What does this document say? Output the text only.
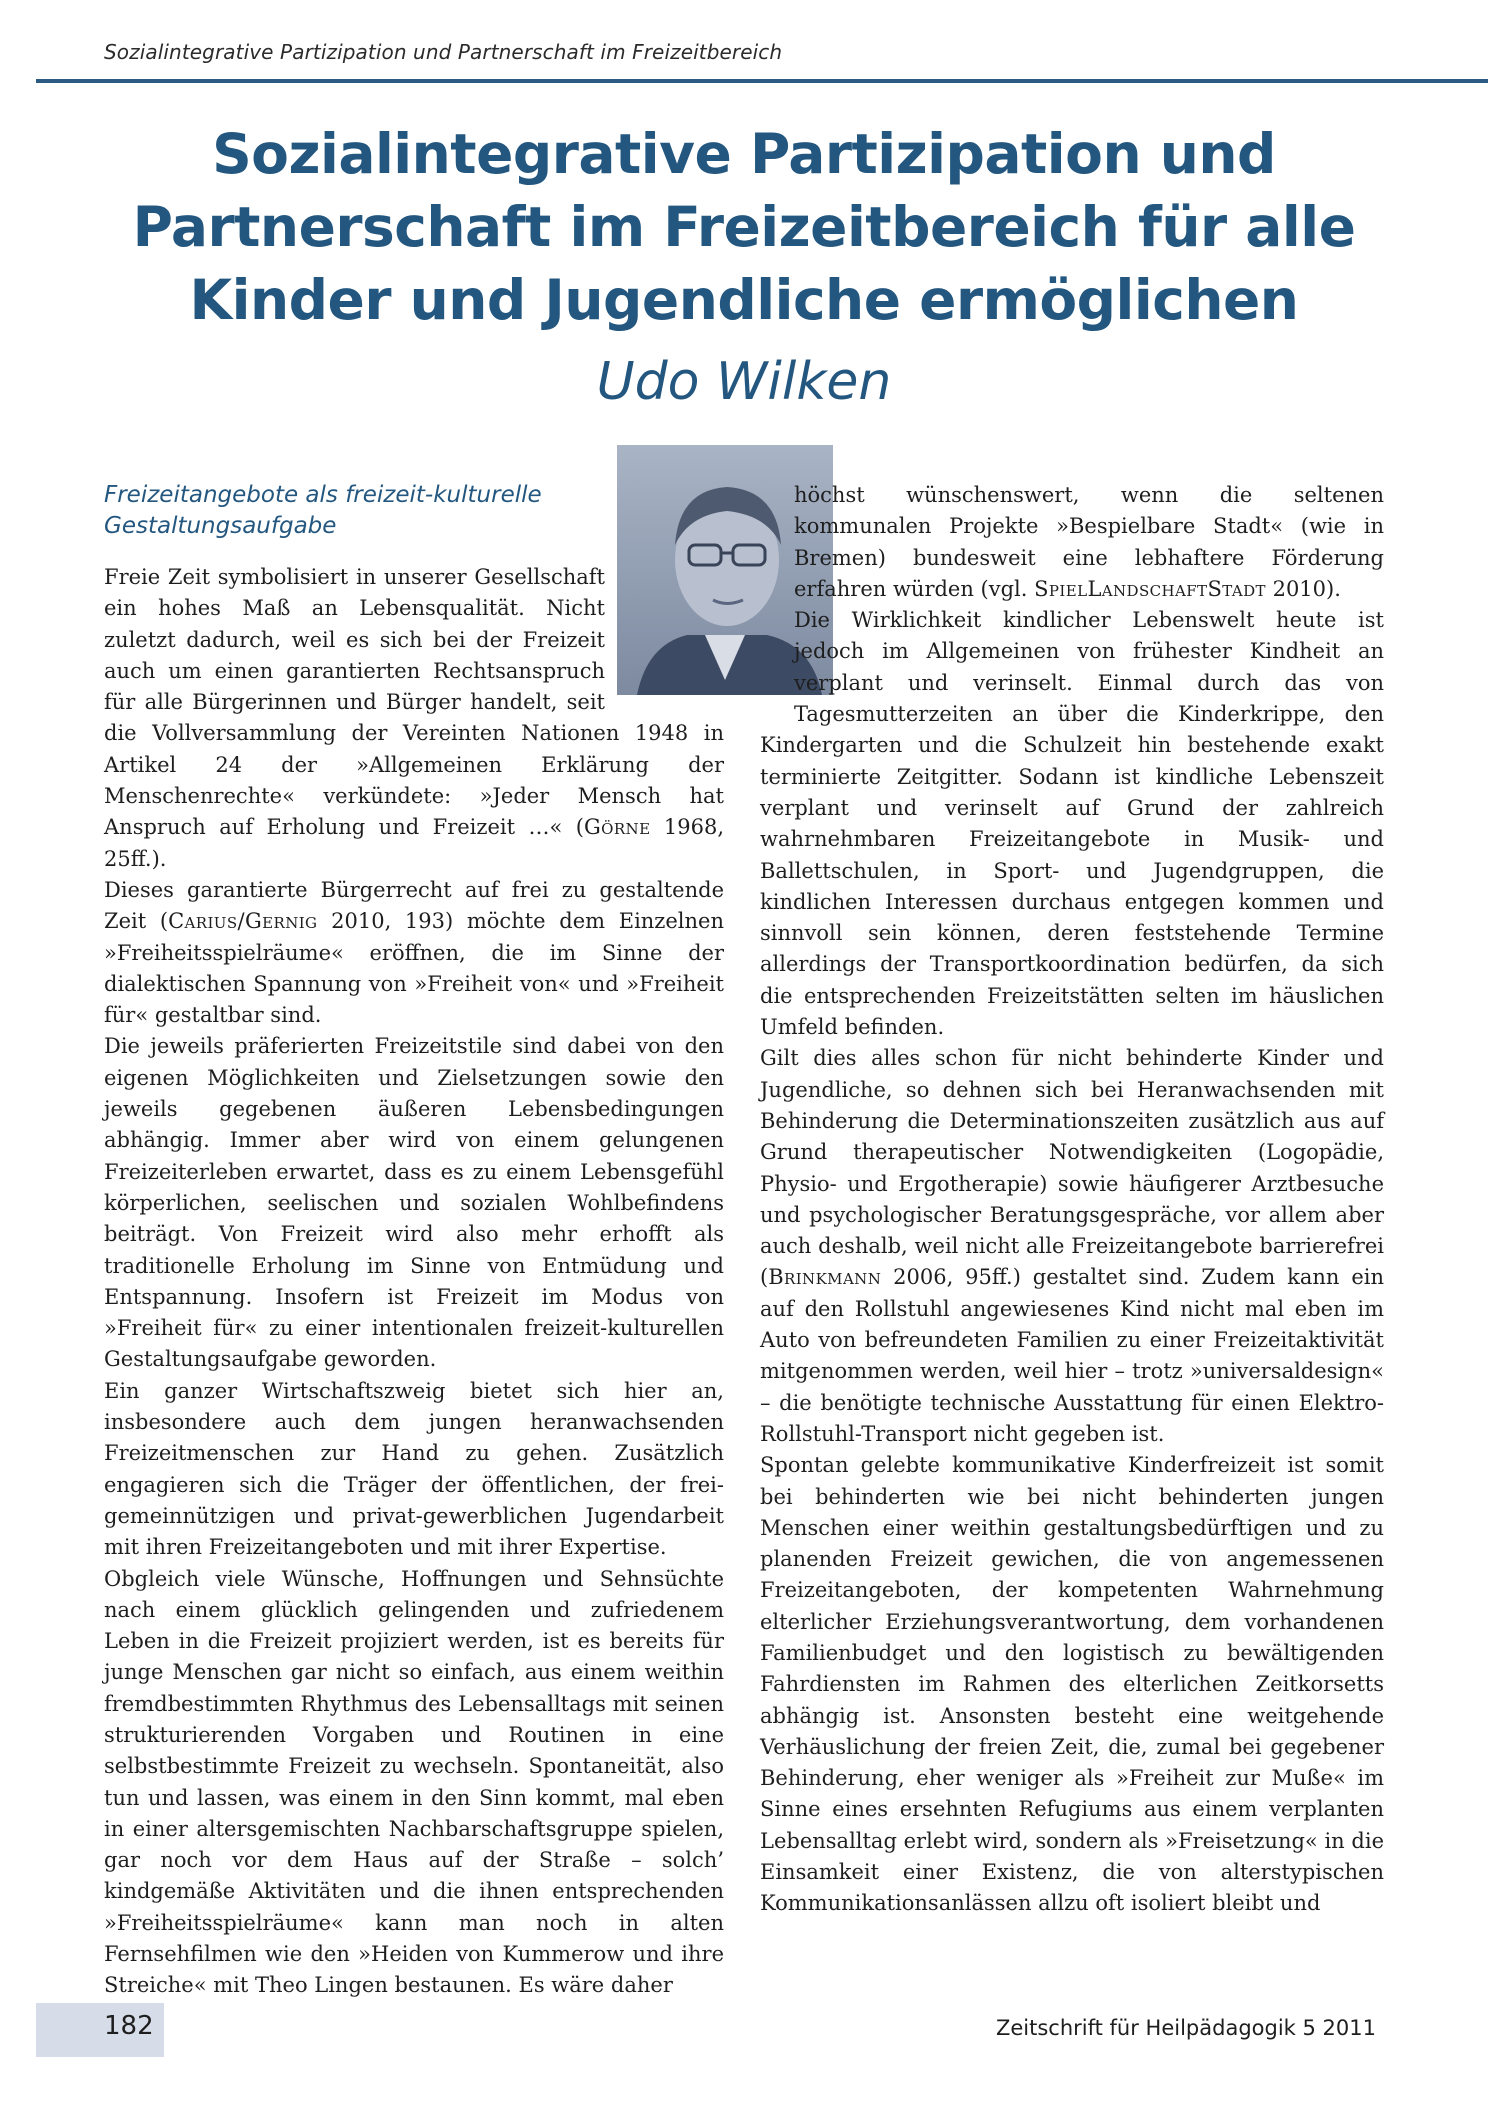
Sozialintegrative Partizipation und Partnerschaft im Freizeitbereich
Sozialintegrative Partizipation und Partnerschaft im Freizeitbereich für alle Kinder und Jugendliche ermöglichen
Udo Wilken
Freizeitangebote als freizeit-kulturelle Gestaltungsaufgabe

Freie Zeit symbolisiert in unserer Gesellschaft ein hohes Maß an Lebensqualität. Nicht zuletzt dadurch, weil es sich bei der Freizeit auch um einen garantierten Rechtsanspruch für alle Bürgerinnen und Bürger handelt, seit die Vollversammlung der Vereinten Nationen 1948 in Artikel 24 der »Allgemeinen Erklärung der Menschenrechte« verkündete: »Jeder Mensch hat Anspruch auf Erholung und Freizeit …« (Görne 1968, 25ff.).

Dieses garantierte Bürgerrecht auf frei zu gestaltende Zeit (Carius/Gernig 2010, 193) möchte dem Einzelnen »Freiheitsspielräume« eröffnen, die im Sinne der dialektischen Spannung von »Freiheit von« und »Freiheit für« gestaltbar sind.

Die jeweils präferierten Freizeitstile sind dabei von den eigenen Möglichkeiten und Zielsetzungen sowie den jeweils gegebenen äußeren Lebensbedingungen abhängig. Immer aber wird von einem gelungenen Freizeiterleben erwartet, dass es zu einem Lebensgefühl körperlichen, seelischen und sozialen Wohlbefindens beiträgt. Von Freizeit wird also mehr erhofft als traditionelle Erholung im Sinne von Entmüdung und Entspannung. Insofern ist Freizeit im Modus von »Freiheit für« zu einer intentionalen freizeit-kulturellen Gestaltungsaufgabe geworden.

Ein ganzer Wirtschaftszweig bietet sich hier an, insbesondere auch dem jungen heranwachsenden Freizeitmenschen zur Hand zu gehen. Zusätzlich engagieren sich die Träger der öffentlichen, der frei-gemeinnützigen und privat-gewerblichen Jugendarbeit mit ihren Freizeitangeboten und mit ihrer Expertise.

Obgleich viele Wünsche, Hoffnungen und Sehnsüchte nach einem glücklich gelingenden und zufriedenem Leben in die Freizeit projiziert werden, ist es bereits für junge Menschen gar nicht so einfach, aus einem weithin fremdbestimmten Rhythmus des Lebensalltags mit seinen strukturierenden Vorgaben und Routinen in eine selbstbestimmte Freizeit zu wechseln. Spontaneität, also tun und lassen, was einem in den Sinn kommt, mal eben in einer altersgemischten Nachbarschaftsgruppe spielen, gar noch vor dem Haus auf der Straße – solch’ kindgemäße Aktivitäten und die ihnen entsprechenden »Freiheitsspielräume« kann man noch in alten Fernsehfilmen wie den »Heiden von Kummerow und ihre Streiche« mit Theo Lingen bestaunen. Es wäre daher

höchst wünschenswert, wenn die seltenen kommunalen Projekte »Bespielbare Stadt« (wie in Bremen) bundesweit eine lebhaftere Förderung erfahren würden (vgl. SpielLandschaftStadt 2010).

Die Wirklichkeit kindlicher Lebenswelt heute ist jedoch im Allgemeinen von frühester Kindheit an verplant und verinselt. Einmal durch das von Tagesmutterzeiten an über die Kinderkrippe, den Kindergarten und die Schulzeit hin bestehende exakt terminierte Zeitgitter. Sodann ist kindliche Lebenszeit verplant und verinselt auf Grund der zahlreich wahrnehmbaren Freizeitangebote in Musik- und Ballettschulen, in Sport- und Jugendgruppen, die kindlichen Interessen durchaus entgegen kommen und sinnvoll sein können, deren feststehende Termine allerdings der Transportkoordination bedürfen, da sich die entsprechenden Freizeitstätten selten im häuslichen Umfeld befinden.

Gilt dies alles schon für nicht behinderte Kinder und Jugendliche, so dehnen sich bei Heranwachsenden mit Behinderung die Determinationszeiten zusätzlich aus auf Grund therapeutischer Notwendigkeiten (Logopädie, Physio- und Ergotherapie) sowie häufigerer Arztbesuche und psychologischer Beratungsgespräche, vor allem aber auch deshalb, weil nicht alle Freizeitangebote barrierefrei (Brinkmann 2006, 95ff.) gestaltet sind. Zudem kann ein auf den Rollstuhl angewiesenes Kind nicht mal eben im Auto von befreundeten Familien zu einer Freizeitaktivität mitgenommen werden, weil hier – trotz »universaldesign« – die benötigte technische Ausstattung für einen Elektro-Rollstuhl-Transport nicht gegeben ist.

Spontan gelebte kommunikative Kinderfreizeit ist somit bei behinderten wie bei nicht behinderten jungen Menschen einer weithin gestaltungsbedürftigen und zu planenden Freizeit gewichen, die von angemessenen Freizeitangeboten, der kompetenten Wahrnehmung elterlicher Erziehungsverantwortung, dem vorhandenen Familienbudget und den logistisch zu bewältigenden Fahrdiensten im Rahmen des elterlichen Zeitkorsetts abhängig ist. Ansonsten besteht eine weitgehende Verhäuslichung der freien Zeit, die, zumal bei gegebener Behinderung, eher weniger als »Freiheit zur Muße« im Sinne eines ersehnten Refugiums aus einem verplanten Lebensalltag erlebt wird, sondern als »Freisetzung« in die Einsamkeit einer Existenz, die von alterstypischen Kommunikationsanlässen allzu oft isoliert bleibt und

182	Zeitschrift für Heilpädagogik 5 2011
